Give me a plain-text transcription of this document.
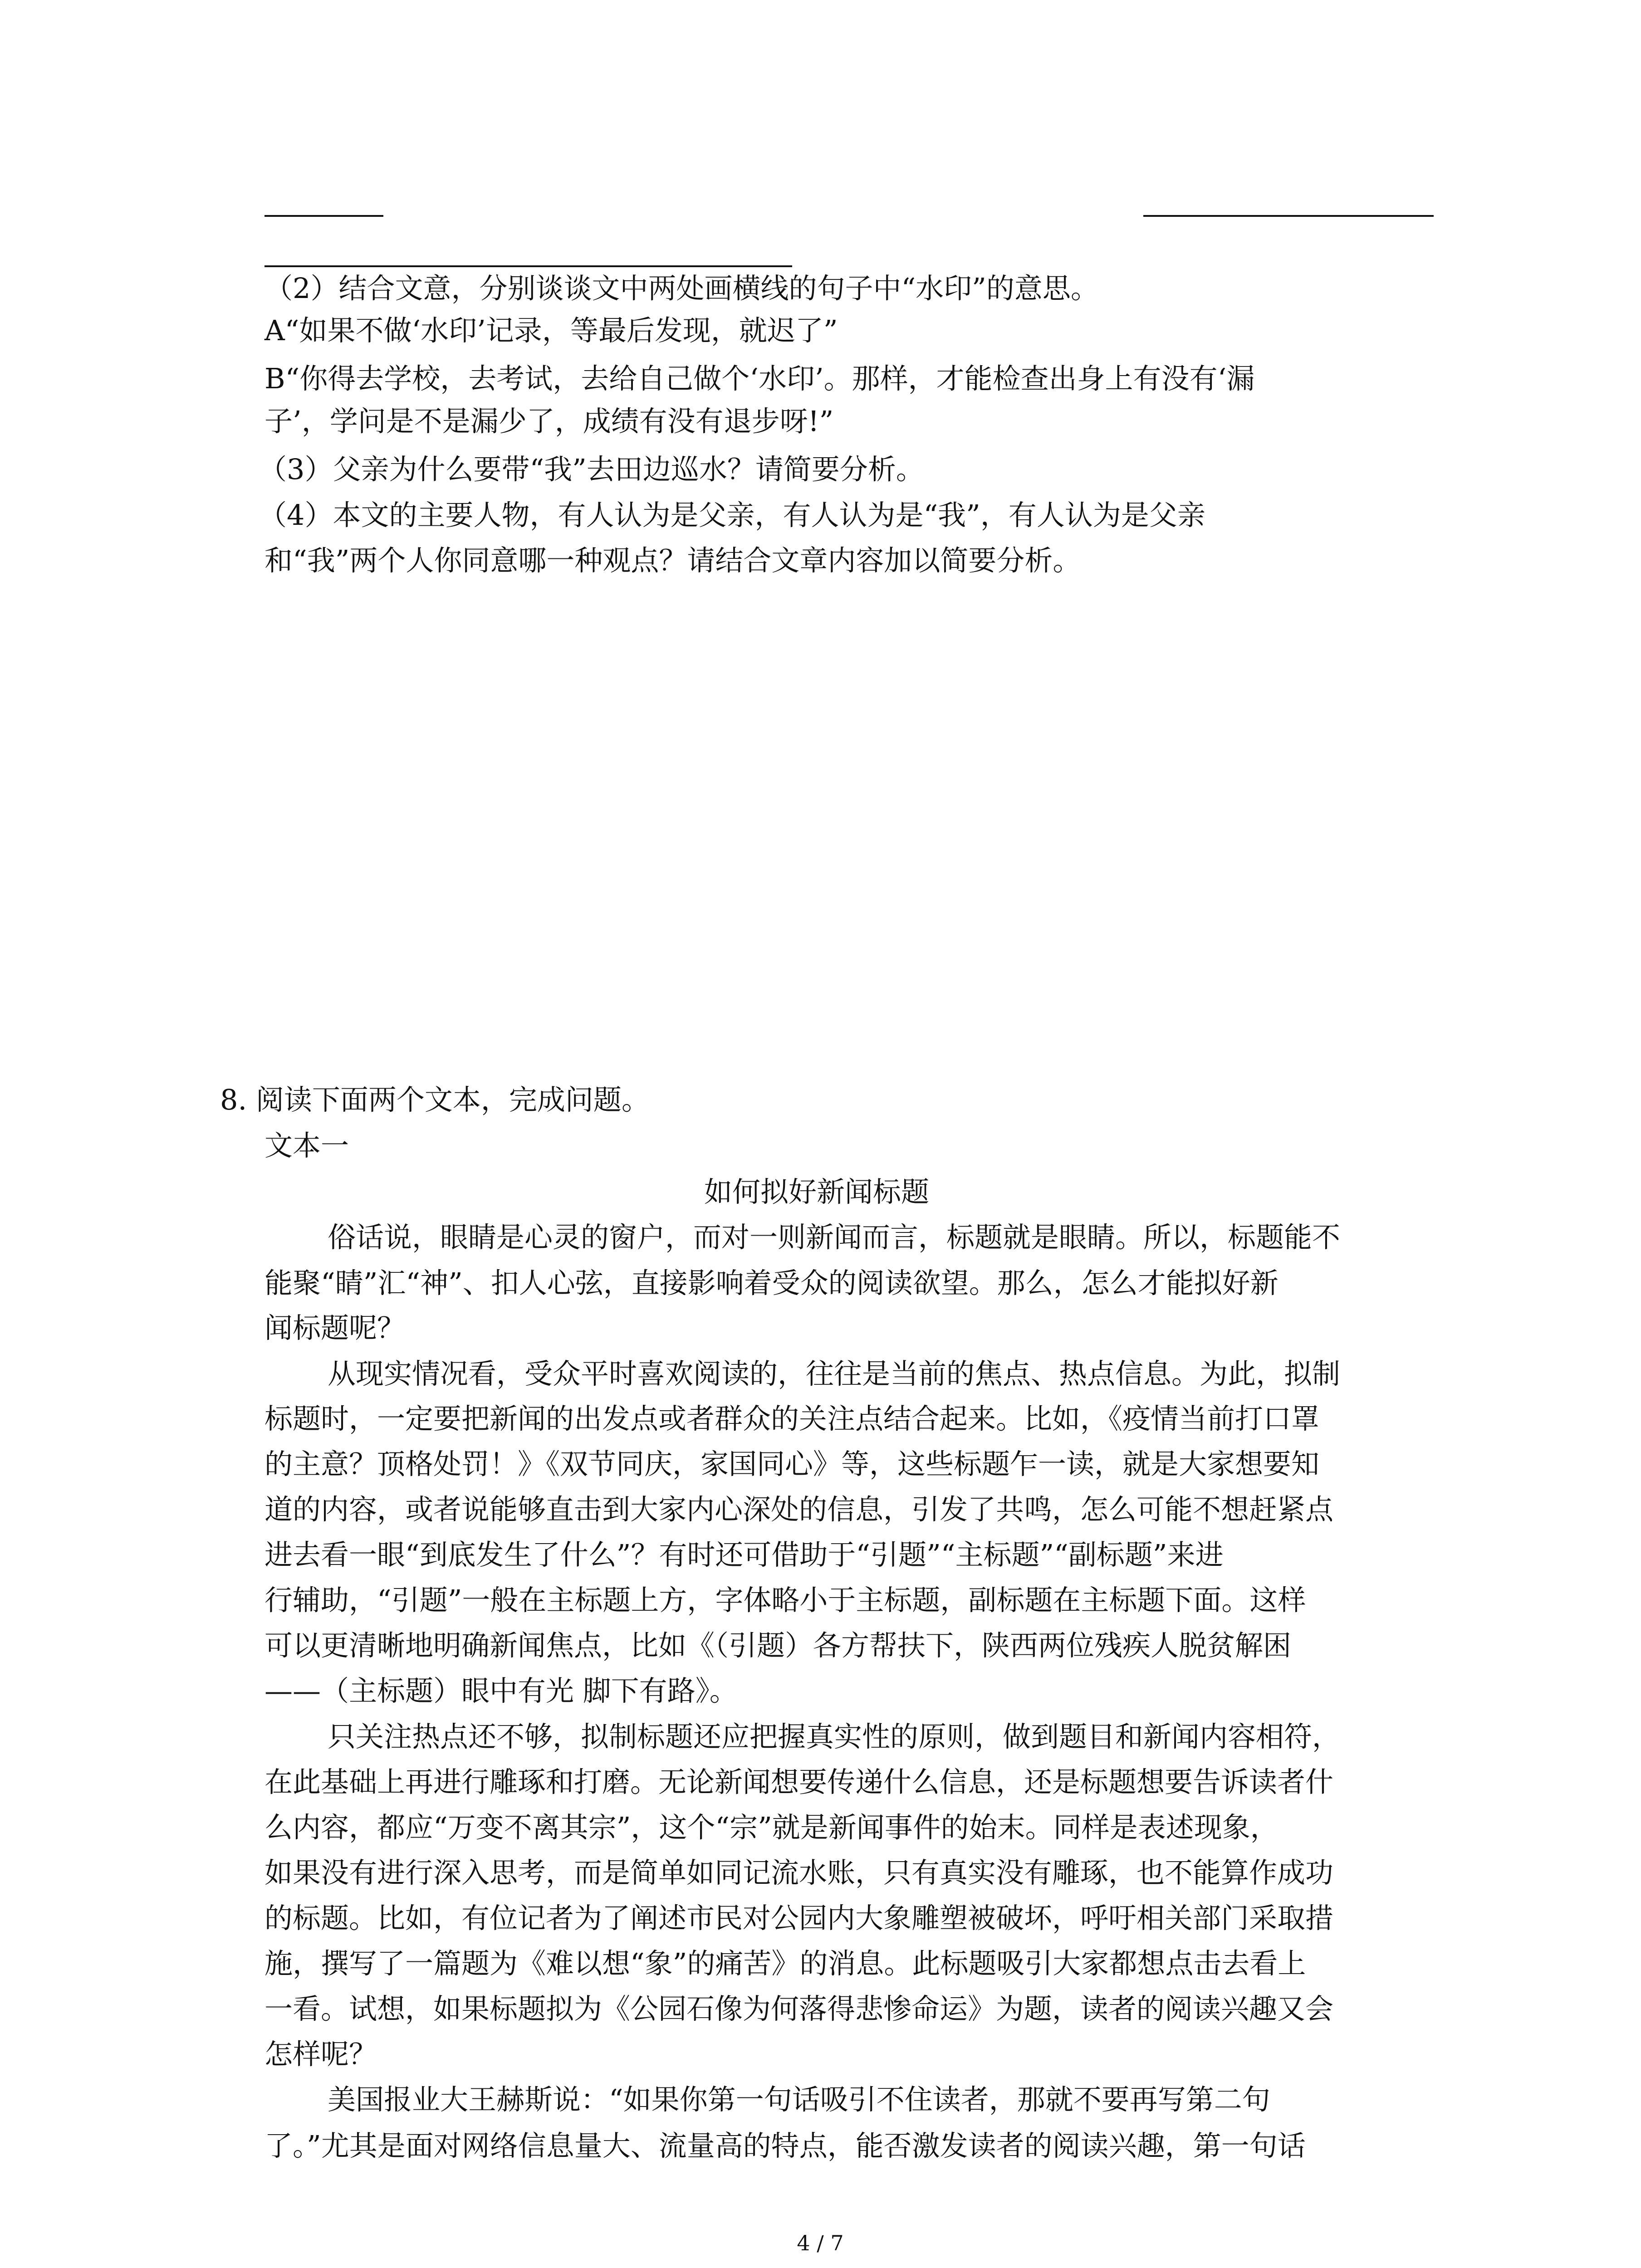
（2）结合文意，分别谈谈文中两处画横线的句子中“水印”的意思。
A“如果不做‘水印’记录，等最后发现，就迟了”
B“你得去学校，去考试，去给自己做个‘水印’。那样，才能检查出身上有没有‘漏
子’，学问是不是漏少了，成绩有没有退步呀!”
（3）父亲为什么要带“我”去田边巡水？请简要分析。
（4）本文的主要人物，有人认为是父亲，有人认为是“我”，有人认为是父亲
和“我”两个人你同意哪一种观点？请结合文章内容加以简要分析。
8. 阅读下面两个文本，完成问题。
文本一
如何拟好新闻标题
俗话说，眼睛是心灵的窗户，而对一则新闻而言，标题就是眼睛。所以，标题能不
能聚“睛”汇“神”、扣人心弦，直接影响着受众的阅读欲望。那么，怎么才能拟好新
闻标题呢？
从现实情况看，受众平时喜欢阅读的，往往是当前的焦点、热点信息。为此，拟制
标题时，一定要把新闻的出发点或者群众的关注点结合起来。比如，《疫情当前打口罩
的主意？顶格处罚！》《双节同庆，家国同心》等，这些标题乍一读，就是大家想要知
道的内容，或者说能够直击到大家内心深处的信息，引发了共鸣，怎么可能不想赶紧点
进去看一眼“到底发生了什么”？有时还可借助于“引题”“主标题”“副标题”来进
行辅助，“引题”一般在主标题上方，字体略小于主标题，副标题在主标题下面。这样
可以更清晰地明确新闻焦点，比如《（引题）各方帮扶下，陕西两位残疾人脱贫解困
——（主标题）眼中有光 脚下有路》。
只关注热点还不够，拟制标题还应把握真实性的原则，做到题目和新闻内容相符，
在此基础上再进行雕琢和打磨。无论新闻想要传递什么信息，还是标题想要告诉读者什
么内容，都应“万变不离其宗”，这个“宗”就是新闻事件的始末。同样是表述现象，
如果没有进行深入思考，而是简单如同记流水账，只有真实没有雕琢，也不能算作成功
的标题。比如，有位记者为了阐述市民对公园内大象雕塑被破坏，呼吁相关部门采取措
施，撰写了一篇题为《难以想“象”的痛苦》的消息。此标题吸引大家都想点击去看上
一看。试想，如果标题拟为《公园石像为何落得悲惨命运》为题，读者的阅读兴趣又会
怎样呢？
美国报业大王赫斯说：“如果你第一句话吸引不住读者，那就不要再写第二句
了。”尤其是面对网络信息量大、流量高的特点，能否激发读者的阅读兴趣，第一句话
4 / 7
